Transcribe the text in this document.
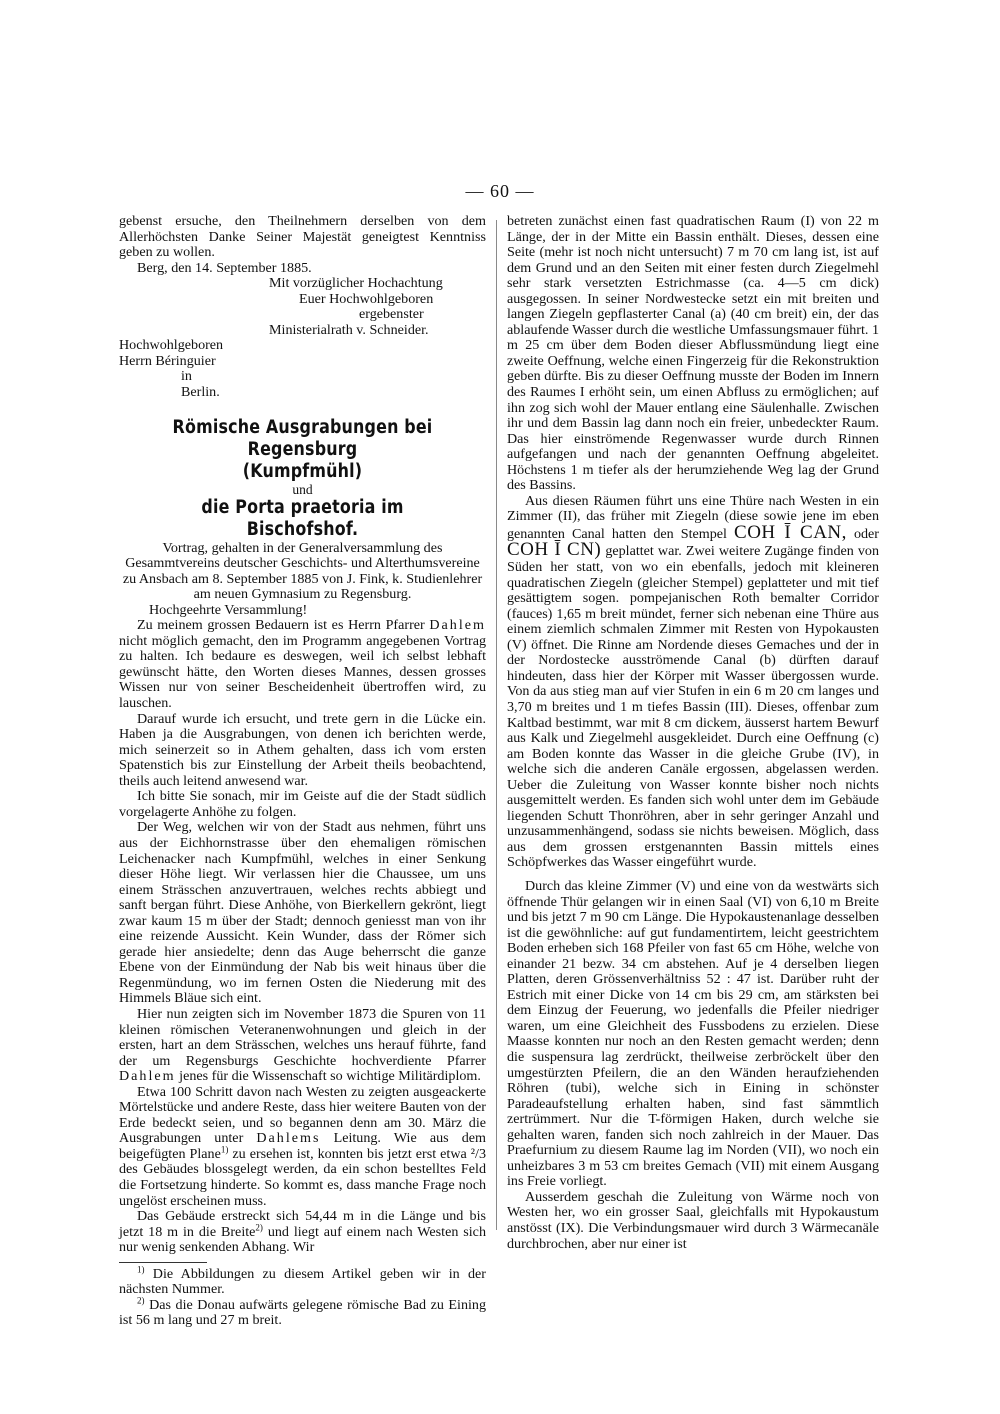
— 60 —

gebenst ersuche, den Theilnehmern derselben von dem Allerhöchsten Danke Seiner Majestät geneigtest Kenntniss geben zu wollen.

Berg, den 14. September 1885.

Mit vorzüglicher Hochachtung

Euer Hochwohlgeboren

ergebenster

Ministerialrath v. Schneider.

Hochwohlgeboren

Herrn Béringuier

in

Berlin.

Römische Ausgrabungen bei Regensburg

(Kumpfmühl)

und

die Porta praetoria im Bischofshof.

Vortrag, gehalten in der Generalversammlung des Gesammtvereins deutscher Geschichts- und Alterthumsvereine zu Ansbach am 8. September 1885 von J. Fink, k. Studienlehrer am neuen Gymnasium zu Regensburg.

Hochgeehrte Versammlung!

Zu meinem grossen Bedauern ist es Herrn Pfarrer Dahlem nicht möglich gemacht, den im Programm angegebenen Vortrag zu halten. Ich bedaure es deswegen, weil ich selbst lebhaft gewünscht hätte, den Worten dieses Mannes, dessen grosses Wissen nur von seiner Bescheidenheit übertroffen wird, zu lauschen.

Darauf wurde ich ersucht, und trete gern in die Lücke ein. Haben ja die Ausgrabungen, von denen ich berichten werde, mich seinerzeit so in Athem gehalten, dass ich vom ersten Spatenstich bis zur Einstellung der Arbeit theils beobachtend, theils auch leitend anwesend war.

Ich bitte Sie sonach, mir im Geiste auf die der Stadt südlich vorgelagerte Anhöhe zu folgen.

Der Weg, welchen wir von der Stadt aus nehmen, führt uns aus der Eichhornstrasse über den ehemaligen römischen Leichenacker nach Kumpfmühl, welches in einer Senkung dieser Höhe liegt. Wir verlassen hier die Chaussee, um uns einem Strässchen anzuvertrauen, welches rechts abbiegt und sanft bergan führt. Diese Anhöhe, von Bierkellern gekrönt, liegt zwar kaum 15 m über der Stadt; dennoch geniesst man von ihr eine reizende Aussicht. Kein Wunder, dass der Römer sich gerade hier ansiedelte; denn das Auge beherrscht die ganze Ebene von der Einmündung der Nab bis weit hinaus über die Regenmündung, wo im fernen Osten die Niederung mit des Himmels Bläue sich eint.

Hier nun zeigten sich im November 1873 die Spuren von 11 kleinen römischen Veteranenwohnungen und gleich in der ersten, hart an dem Strässchen, welches uns herauf führte, fand der um Regensburgs Geschichte hochverdiente Pfarrer Dahlem jenes für die Wissenschaft so wichtige Militärdiplom.

Etwa 100 Schritt davon nach Westen zu zeigten ausgeackerte Mörtelstücke und andere Reste, dass hier weitere Bauten von der Erde bedeckt seien, und so begannen denn am 30. März die Ausgrabungen unter Dahlems Leitung. Wie aus dem beigefügten Plane$^{1)}$ zu ersehen ist, konnten bis jetzt erst etwa ²/3 des Gebäudes blossgelegt werden, da ein schon bestelltes Feld die Fortsetzung hinderte. So kommt es, dass manche Frage noch ungelöst erscheinen muss.

Das Gebäude erstreckt sich 54,44 m in die Länge und bis jetzt 18 m in die Breite$^{2)}$ und liegt auf einem nach Westen sich nur wenig senkenden Abhang. Wir

$^{1)}$ Die Abbildungen zu diesem Artikel geben wir in der nächsten Nummer.

$^{2)}$ Das die Donau aufwärts gelegene römische Bad zu Eining ist 56 m lang und 27 m breit.

betreten zunächst einen fast quadratischen Raum (I) von 22 m Länge, der in der Mitte ein Bassin enthält. Dieses, dessen eine Seite (mehr ist noch nicht untersucht) 7 m 70 cm lang ist, ist auf dem Grund und an den Seiten mit einer festen durch Ziegelmehl sehr stark versetzten Estrichmasse (ca. 4—5 cm dick) ausgegossen. In seiner Nordwestecke setzt ein mit breiten und langen Ziegeln gepflasterter Canal (a) (40 cm breit) ein, der das ablaufende Wasser durch die westliche Umfassungsmauer führt. 1 m 25 cm über dem Boden dieser Abflussmündung liegt eine zweite Oeffnung, welche einen Fingerzeig für die Rekonstruktion geben dürfte. Bis zu dieser Oeffnung musste der Boden im Innern des Raumes I erhöht sein, um einen Abfluss zu ermöglichen; auf ihn zog sich wohl der Mauer entlang eine Säulenhalle. Zwischen ihr und dem Bassin lag dann noch ein freier, unbedeckter Raum. Das hier einströmende Regenwasser wurde durch Rinnen aufgefangen und nach der genannten Oeffnung abgeleitet. Höchstens 1 m tiefer als der herumziehende Weg lag der Grund des Bassins.

Aus diesen Räumen führt uns eine Thüre nach Westen in ein Zimmer (II), das früher mit Ziegeln (diese sowie jene im eben genannten Canal hatten den Stempel COH Ī CAN, oder COH Ī CN) geplattet war. Zwei weitere Zugänge finden von Süden her statt, von wo ein ebenfalls, jedoch mit kleineren quadratischen Ziegeln (gleicher Stempel) geplatteter und mit tief gesättigtem sogen. pompejanischen Roth bemalter Corridor (fauces) 1,65 m breit mündet, ferner sich nebenan eine Thüre aus einem ziemlich schmalen Zimmer mit Resten von Hypokausten (V) öffnet. Die Rinne am Nordende dieses Gemaches und der in der Nordostecke ausströmende Canal (b) dürften darauf hindeuten, dass hier der Körper mit Wasser übergossen wurde. Von da aus stieg man auf vier Stufen in ein 6 m 20 cm langes und 3,70 m breites und 1 m tiefes Bassin (III). Dieses, offenbar zum Kaltbad bestimmt, war mit 8 cm dickem, äusserst hartem Bewurf aus Kalk und Ziegelmehl ausgekleidet. Durch eine Oeffnung (c) am Boden konnte das Wasser in die gleiche Grube (IV), in welche sich die anderen Canäle ergossen, abgelassen werden. Ueber die Zuleitung von Wasser konnte bisher noch nichts ausgemittelt werden. Es fanden sich wohl unter dem im Gebäude liegenden Schutt Thonröhren, aber in sehr geringer Anzahl und unzusammenhängend, sodass sie nichts beweisen. Möglich, dass aus dem grossen erstgenannten Bassin mittels eines Schöpfwerkes das Wasser eingeführt wurde.

Durch das kleine Zimmer (V) und eine von da westwärts sich öffnende Thür gelangen wir in einen Saal (VI) von 6,10 m Breite und bis jetzt 7 m 90 cm Länge. Die Hypokaustenanlage desselben ist die gewöhnliche: auf gut fundamentirtem, leicht geestrichtem Boden erheben sich 168 Pfeiler von fast 65 cm Höhe, welche von einander 21 bezw. 34 cm abstehen. Auf je 4 derselben liegen Platten, deren Grössenverhältniss 52 : 47 ist. Darüber ruht der Estrich mit einer Dicke von 14 cm bis 29 cm, am stärksten bei dem Einzug der Feuerung, wo jedenfalls die Pfeiler niedriger waren, um eine Gleichheit des Fussbodens zu erzielen. Diese Maasse konnten nur noch an den Resten gemacht werden; denn die suspensura lag zerdrückt, theilweise zerbröckelt über den umgestürzten Pfeilern, die an den Wänden heraufziehenden Röhren (tubi), welche sich in Eining in schönster Paradeaufstellung erhalten haben, sind fast sämmtlich zertrümmert. Nur die T-förmigen Haken, durch welche sie gehalten waren, fanden sich noch zahlreich in der Mauer. Das Praefurnium zu diesem Raume lag im Norden (VII), wo noch ein unheizbares 3 m 53 cm breites Gemach (VII) mit einem Ausgang ins Freie vorliegt.

Ausserdem geschah die Zuleitung von Wärme noch von Westen her, wo ein grosser Saal, gleichfalls mit Hypokaustum anstösst (IX). Die Verbindungsmauer wird durch 3 Wärmecanäle durchbrochen, aber nur einer ist
